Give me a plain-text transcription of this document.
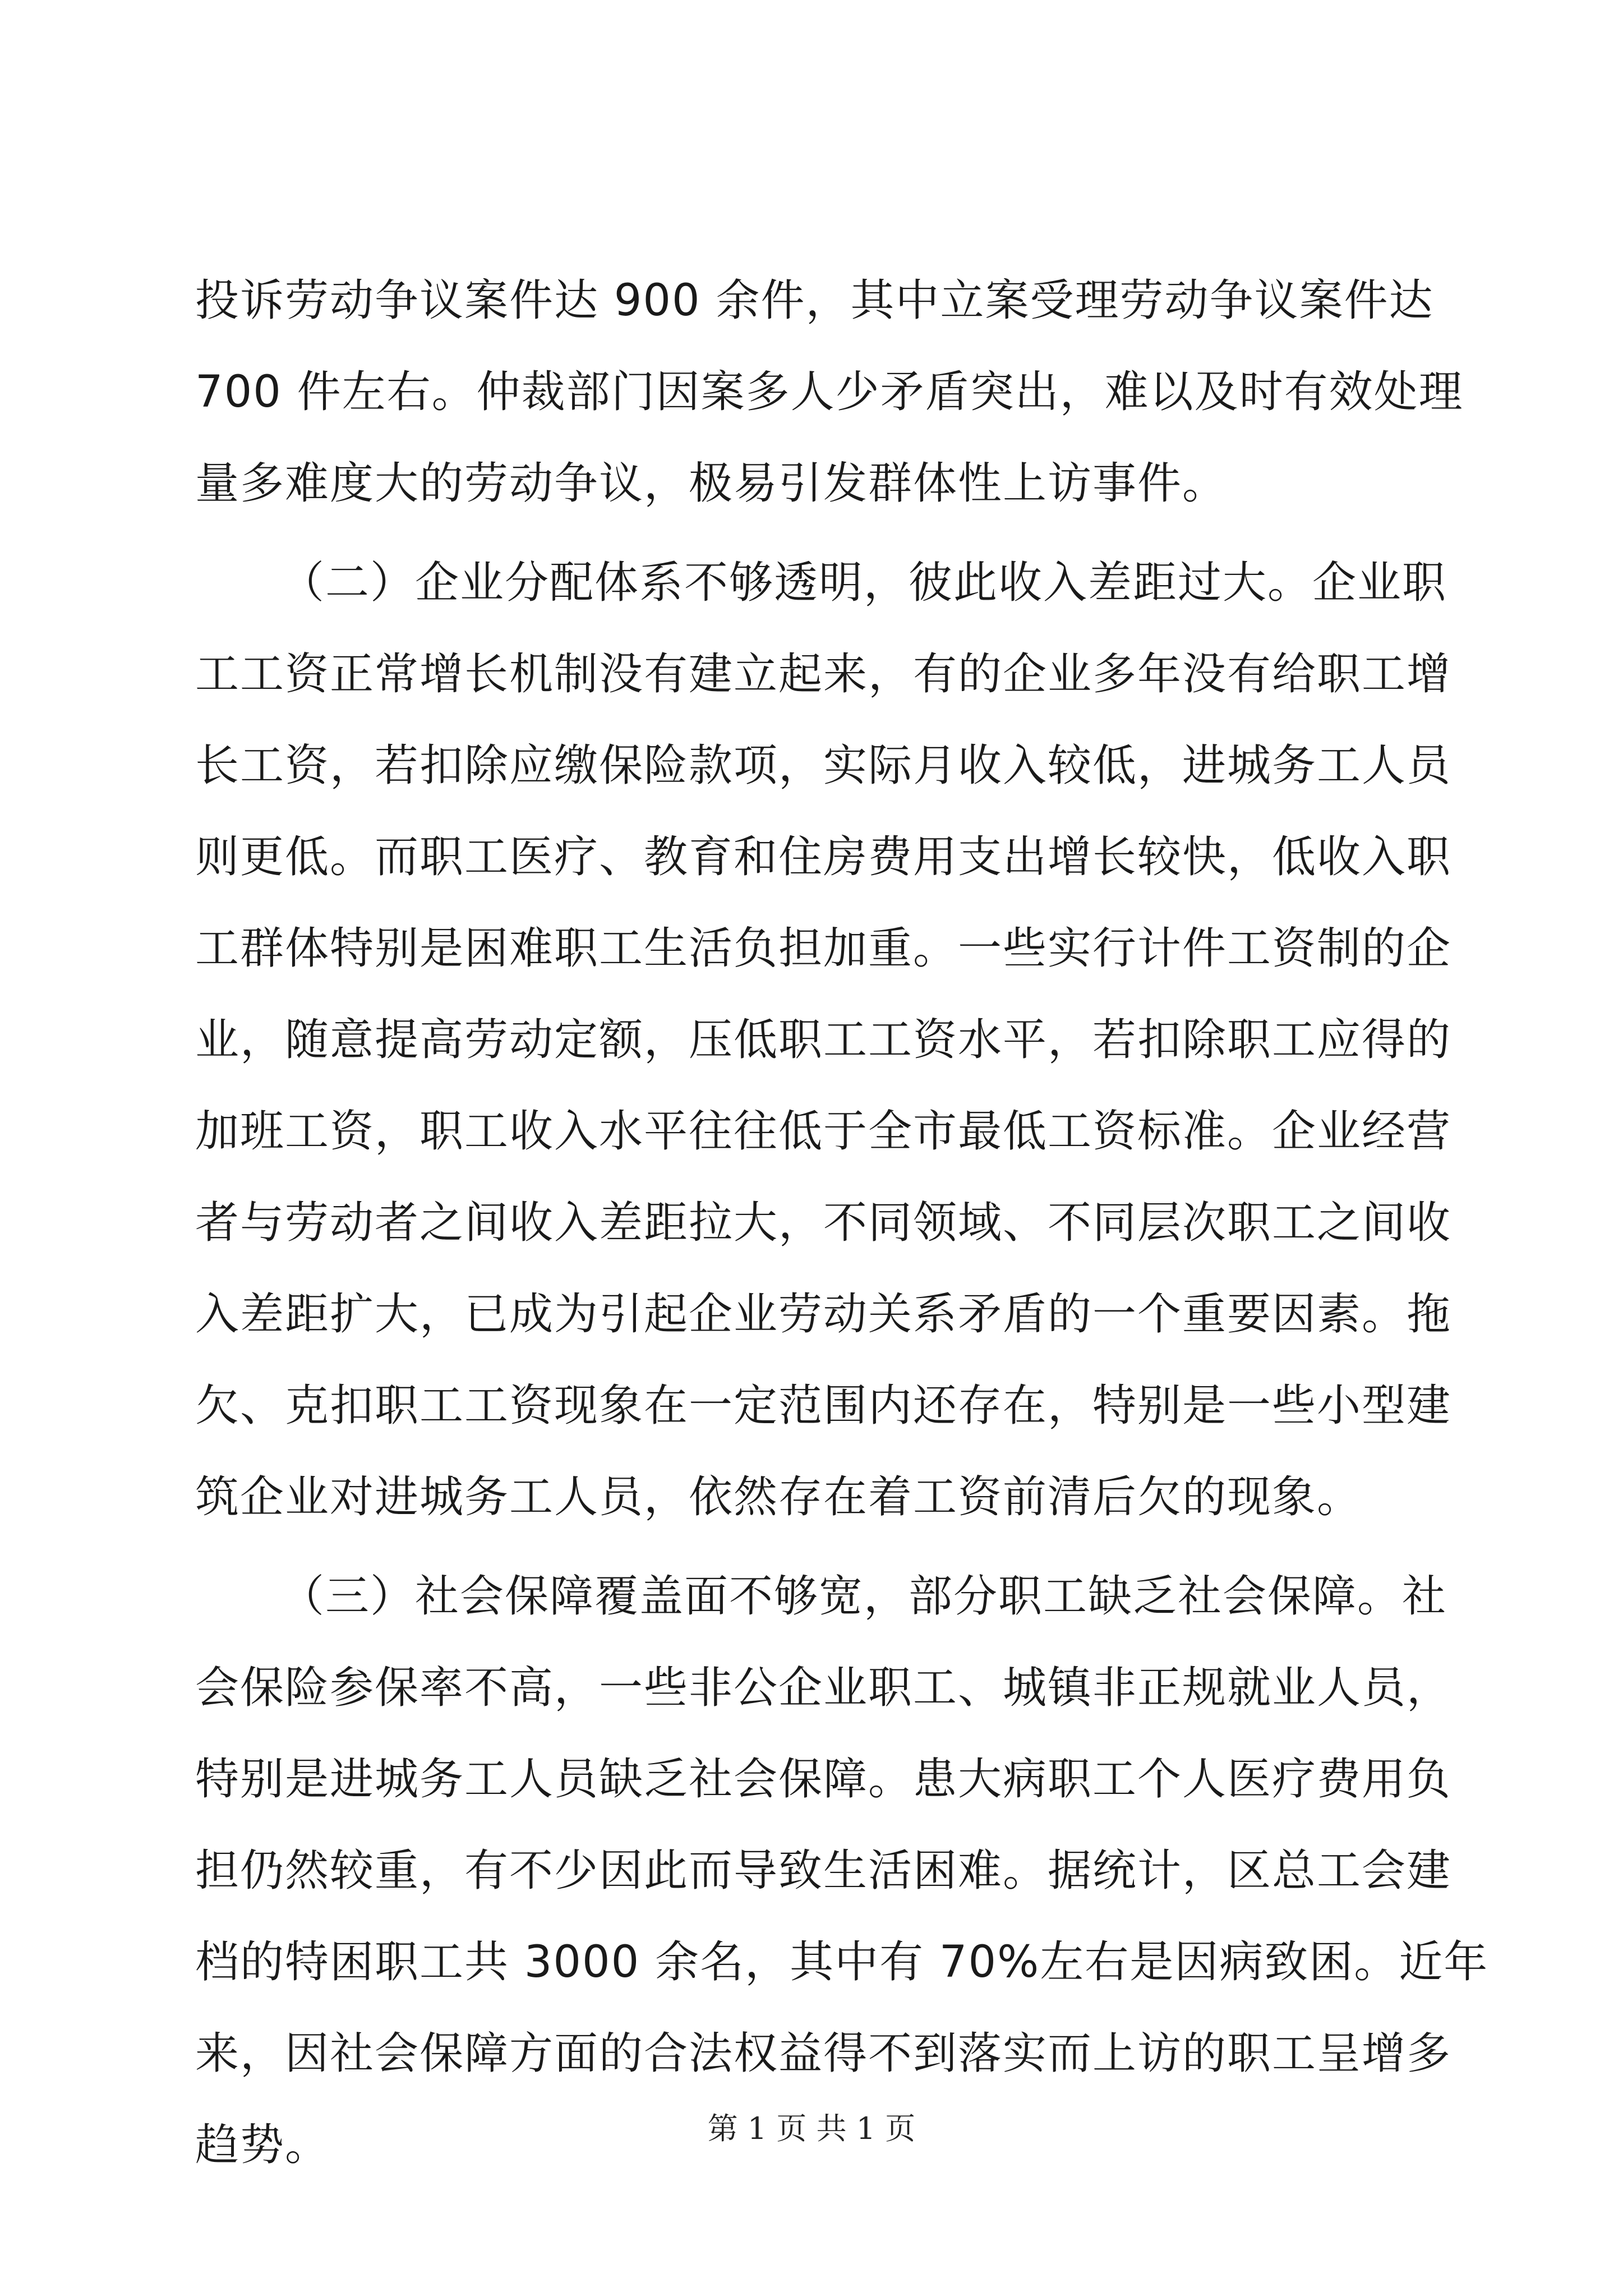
投诉劳动争议案件达 900 余件，其中立案受理劳动争议案件达
700 件左右。仲裁部门因案多人少矛盾突出，难以及时有效处理
量多难度大的劳动争议，极易引发群体性上访事件。
（二）企业分配体系不够透明，彼此收入差距过大。企业职
工工资正常增长机制没有建立起来，有的企业多年没有给职工增
长工资，若扣除应缴保险款项，实际月收入较低，进城务工人员
则更低。而职工医疗、教育和住房费用支出增长较快，低收入职
工群体特别是困难职工生活负担加重。一些实行计件工资制的企
业，随意提高劳动定额，压低职工工资水平，若扣除职工应得的
加班工资，职工收入水平往往低于全市最低工资标准。企业经营
者与劳动者之间收入差距拉大，不同领域、不同层次职工之间收
入差距扩大，已成为引起企业劳动关系矛盾的一个重要因素。拖
欠、克扣职工工资现象在一定范围内还存在，特别是一些小型建
筑企业对进城务工人员，依然存在着工资前清后欠的现象。
（三）社会保障覆盖面不够宽，部分职工缺乏社会保障。社
会保险参保率不高，一些非公企业职工、城镇非正规就业人员，
特别是进城务工人员缺乏社会保障。患大病职工个人医疗费用负
担仍然较重，有不少因此而导致生活困难。据统计，区总工会建
档的特困职工共 3000 余名，其中有 70%左右是因病致困。近年
来，因社会保障方面的合法权益得不到落实而上访的职工呈增多
趋势。	第 1 页 共 1 页
